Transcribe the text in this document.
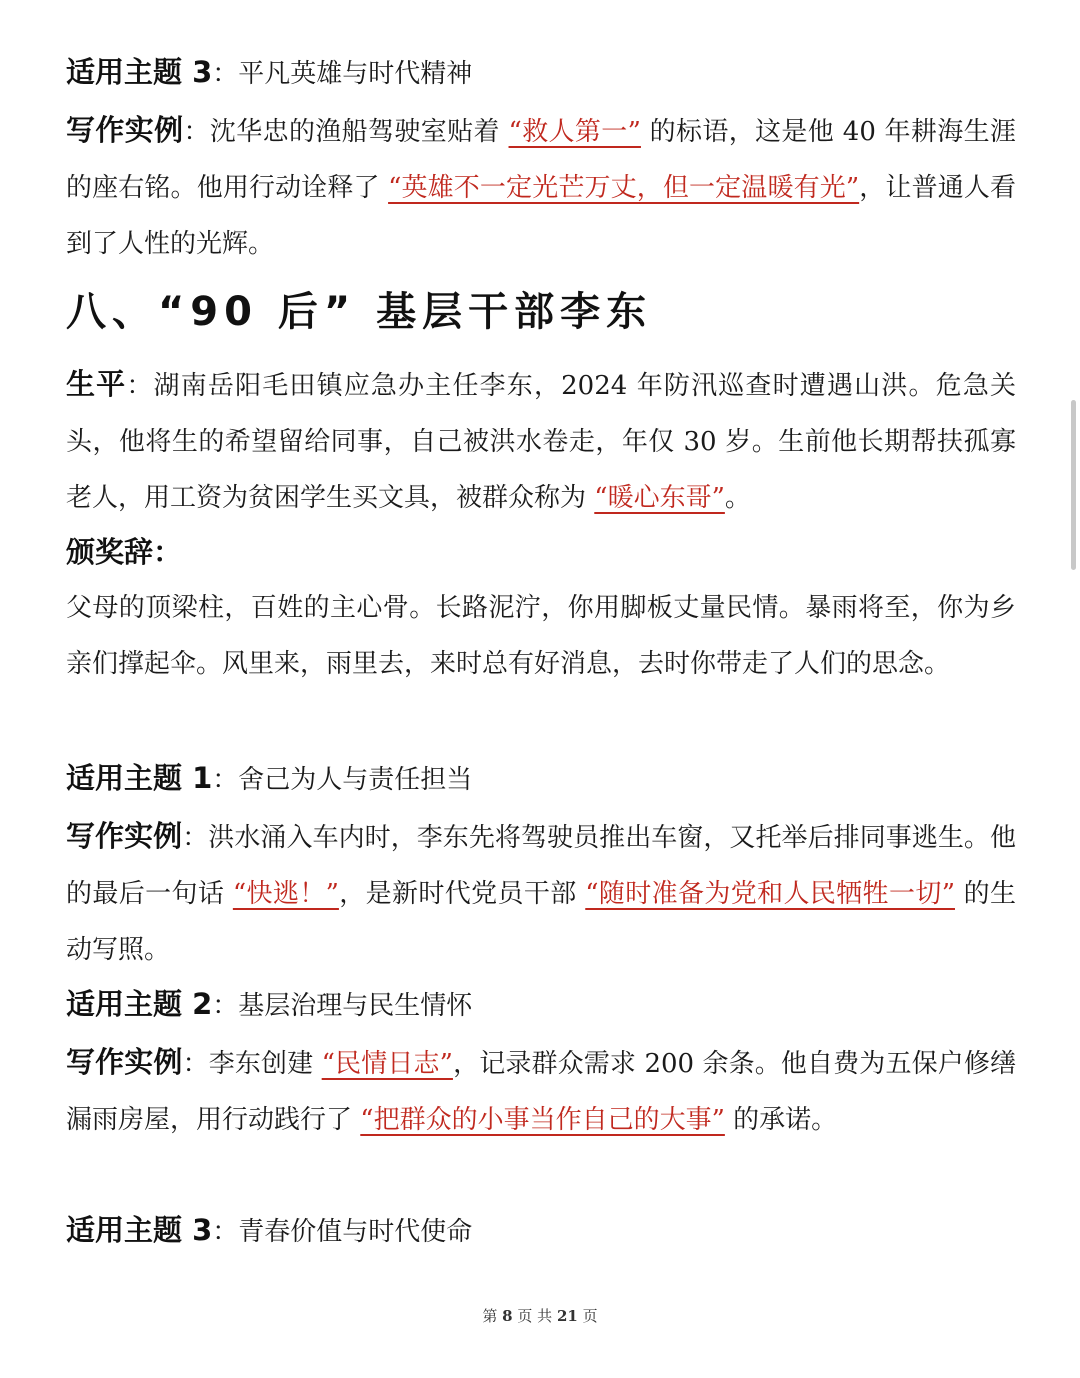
适用主题 3：平凡英雄与时代精神
写作实例：沈华忠的渔船驾驶室贴着 “救人第一” 的标语，这是他 40 年耕海生涯的座右铭。他用行动诠释了 “英雄不一定光芒万丈，但一定温暖有光”，让普通人看到了人性的光辉。
八、“90 后” 基层干部李东
生平：湖南岳阳毛田镇应急办主任李东，2024 年防汛巡查时遭遇山洪。危急关头，他将生的希望留给同事，自己被洪水卷走，年仅 30 岁。生前他长期帮扶孤寡老人，用工资为贫困学生买文具，被群众称为 “暖心东哥”。
颁奖辞：
父母的顶梁柱，百姓的主心骨。长路泥泞，你用脚板丈量民情。暴雨将至，你为乡亲们撑起伞。风里来，雨里去，来时总有好消息，去时你带走了人们的思念。
适用主题 1：舍己为人与责任担当
写作实例：洪水涌入车内时，李东先将驾驶员推出车窗，又托举后排同事逃生。他的最后一句话 “快逃！”，是新时代党员干部 “随时准备为党和人民牺牲一切” 的生动写照。
适用主题 2：基层治理与民生情怀
写作实例：李东创建 “民情日志”，记录群众需求 200 余条。他自费为五保户修缮漏雨房屋，用行动践行了 “把群众的小事当作自己的大事” 的承诺。
适用主题 3：青春价值与时代使命
第 8 页 共 21 页
